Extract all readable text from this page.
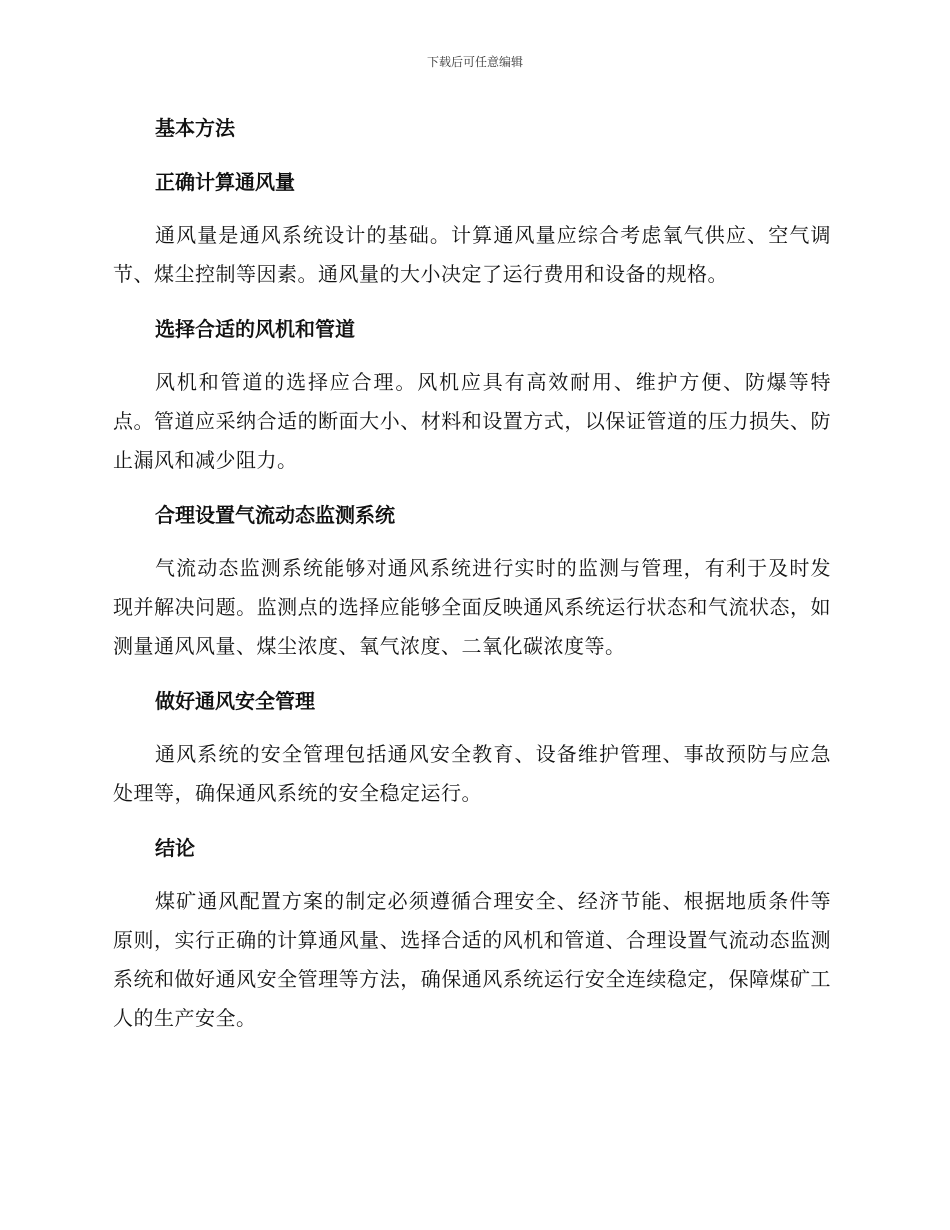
下载后可任意编辑
基本方法
正确计算通风量

通风量是通风系统设计的基础。计算通风量应综合考虑氧气供应、空气调节、煤尘控制等因素。通风量的大小决定了运行费用和设备的规格。

选择合适的风机和管道

风机和管道的选择应合理。风机应具有高效耐用、维护方便、防爆等特点。管道应采纳合适的断面大小、材料和设置方式，以保证管道的压力损失、防止漏风和减少阻力。

合理设置气流动态监测系统

气流动态监测系统能够对通风系统进行实时的监测与管理，有利于及时发现并解决问题。监测点的选择应能够全面反映通风系统运行状态和气流状态，如测量通风风量、煤尘浓度、氧气浓度、二氧化碳浓度等。

做好通风安全管理

通风系统的安全管理包括通风安全教育、设备维护管理、事故预防与应急处理等，确保通风系统的安全稳定运行。

结论

煤矿通风配置方案的制定必须遵循合理安全、经济节能、根据地质条件等原则，实行正确的计算通风量、选择合适的风机和管道、合理设置气流动态监测系统和做好通风安全管理等方法，确保通风系统运行安全连续稳定，保障煤矿工人的生产安全。
